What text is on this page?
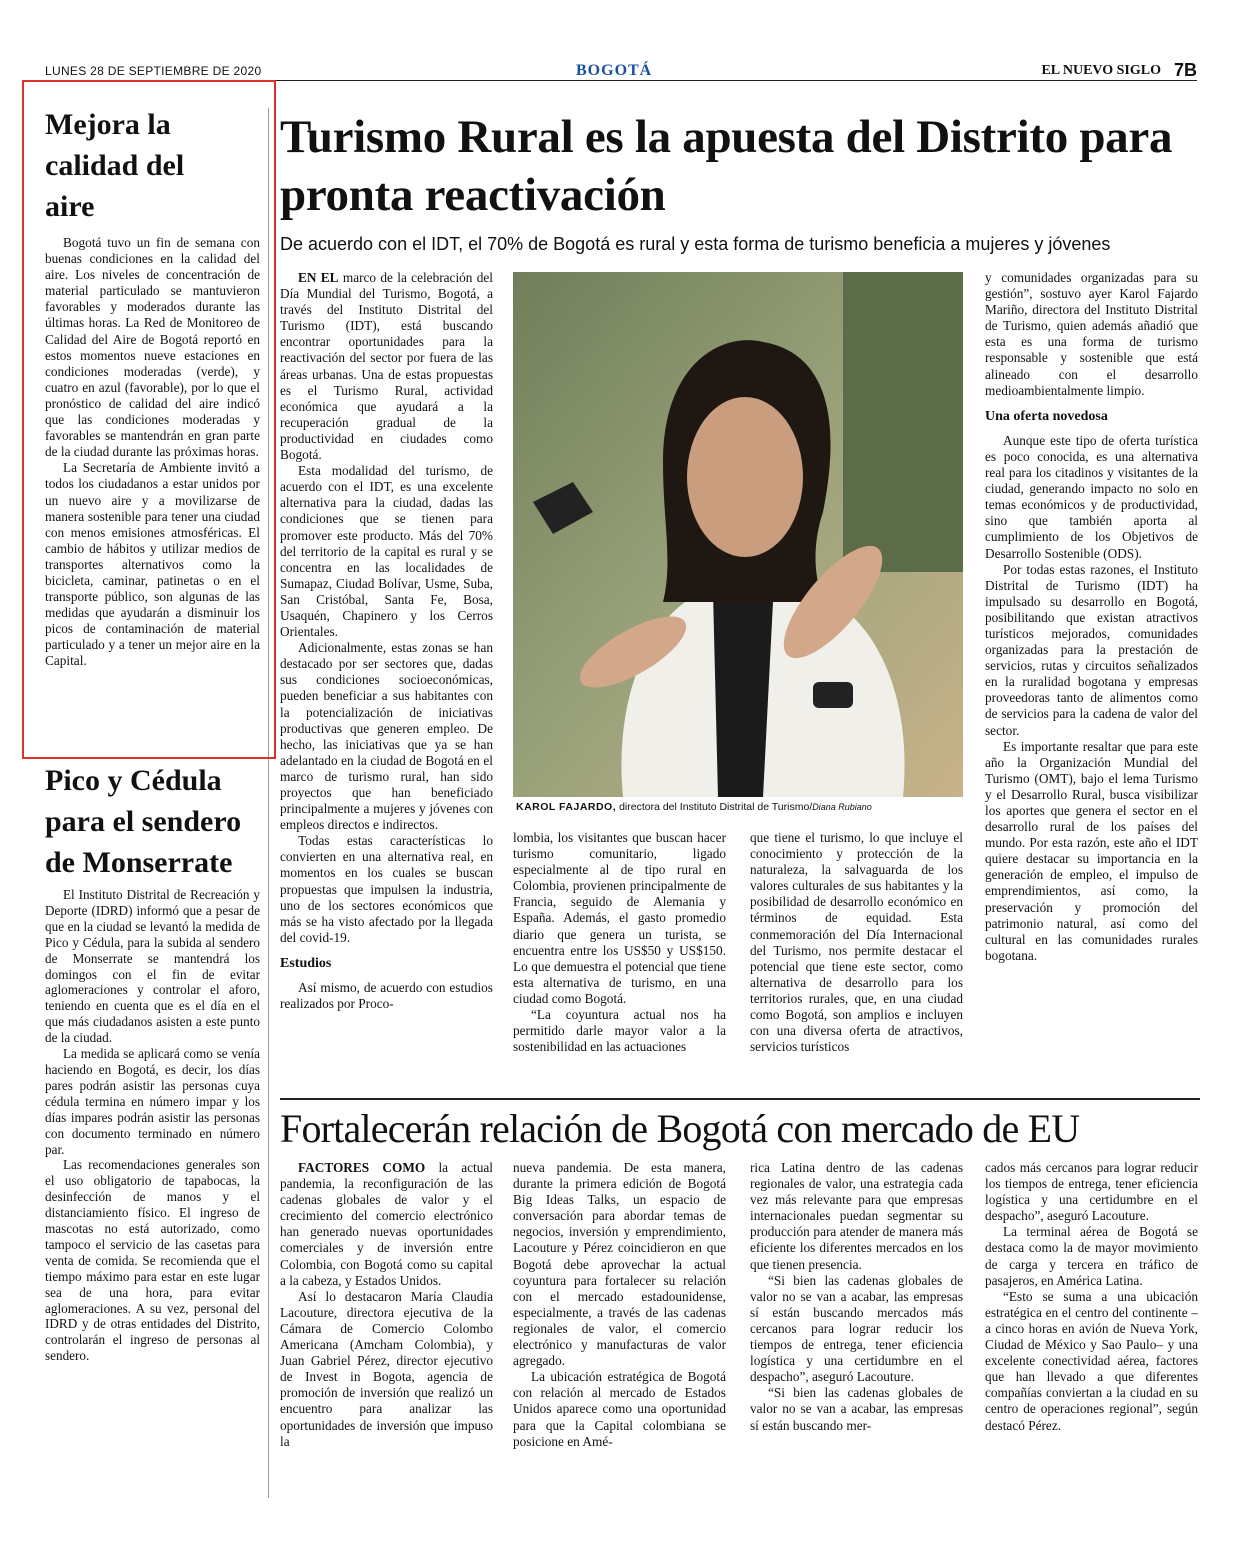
LUNES 28 DE SEPTIEMBRE DE 2020	BOGOTÁ	EL NUEVO SIGLO 7B
Mejora la calidad del aire

Bogotá tuvo un fin de semana con buenas condiciones en la calidad del aire. Los niveles de concentración de material particulado se mantuvieron favorables y moderados durante las últimas horas. La Red de Monitoreo de Calidad del Aire de Bogotá reportó en estos momentos nueve estaciones en condiciones moderadas (verde), y cuatro en azul (favorable), por lo que el pronóstico de calidad del aire indicó que las condiciones moderadas y favorables se mantendrán en gran parte de la ciudad durante las próximas horas.

La Secretaría de Ambiente invitó a todos los ciudadanos a estar unidos por un nuevo aire y a movilizarse de manera sostenible para tener una ciudad con menos emisiones atmosféricas. El cambio de hábitos y utilizar medios de transportes alternativos como la bicicleta, caminar, patinetas o en el transporte público, son algunas de las medidas que ayudarán a disminuir los picos de contaminación de material particulado y a tener un mejor aire en la Capital.

Pico y Cédula para el sendero de Monserrate

El Instituto Distrital de Recreación y Deporte (IDRD) informó que a pesar de que en la ciudad se levantó la medida de Pico y Cédula, para la subida al sendero de Monserrate se mantendrá los domingos con el fin de evitar aglomeraciones y controlar el aforo, teniendo en cuenta que es el día en el que más ciudadanos asisten a este punto de la ciudad.

La medida se aplicará como se venía haciendo en Bogotá, es decir, los días pares podrán asistir las personas cuya cédula termina en número impar y los días impares podrán asistir las personas con documento terminado en número par.

Las recomendaciones generales son el uso obligatorio de tapabocas, la desinfección de manos y el distanciamiento físico. El ingreso de mascotas no está autorizado, como tampoco el servicio de las casetas para venta de comida. Se recomienda que el tiempo máximo para estar en este lugar sea de una hora, para evitar aglomeraciones. A su vez, personal del IDRD y de otras entidades del Distrito, controlarán el ingreso de personas al sendero.

Turismo Rural es la apuesta del Distrito para pronta reactivación
De acuerdo con el IDT, el 70% de Bogotá es rural y esta forma de turismo beneficia a mujeres y jóvenes

EN EL marco de la celebración del Día Mundial del Turismo, Bogotá, a través del Instituto Distrital del Turismo (IDT), está buscando encontrar oportunidades para la reactivación del sector por fuera de las áreas urbanas. Una de estas propuestas es el Turismo Rural, actividad económica que ayudará a la recuperación gradual de la productividad en ciudades como Bogotá.

Esta modalidad del turismo, de acuerdo con el IDT, es una excelente alternativa para la ciudad, dadas las condiciones que se tienen para promover este producto. Más del 70% del territorio de la capital es rural y se concentra en las localidades de Sumapaz, Ciudad Bolívar, Usme, Suba, San Cristóbal, Santa Fe, Bosa, Usaquén, Chapinero y los Cerros Orientales.

Adicionalmente, estas zonas se han destacado por ser sectores que, dadas sus condiciones socioeconómicas, pueden beneficiar a sus habitantes con la potencialización de iniciativas productivas que generen empleo. De hecho, las iniciativas que ya se han adelantado en la ciudad de Bogotá en el marco de turismo rural, han sido proyectos que han beneficiado principalmente a mujeres y jóvenes con empleos directos e indirectos.

Todas estas características lo convierten en una alternativa real, en momentos en los cuales se buscan propuestas que impulsen la industria, uno de los sectores económicos que más se ha visto afectado por la llegada del covid-19.

Estudios

Así mismo, de acuerdo con estudios realizados por Proco-

KAROL FAJARDO, directora del Instituto Distrital de Turismo/Diana Rubiano

lombia, los visitantes que buscan hacer turismo comunitario, ligado especialmente al de tipo rural en Colombia, provienen principalmente de Francia, seguido de Alemania y España. Además, el gasto promedio diario que genera un turista, se encuentra entre los US$50 y US$150. Lo que demuestra el potencial que tiene esta alternativa de turismo, en una ciudad como Bogotá.

“La coyuntura actual nos ha permitido darle mayor valor a la sostenibilidad en las actuaciones

que tiene el turismo, lo que incluye el conocimiento y protección de la naturaleza, la salvaguarda de los valores culturales de sus habitantes y la posibilidad de desarrollo económico en términos de equidad. Esta conmemoración del Día Internacional del Turismo, nos permite destacar el potencial que tiene este sector, como alternativa de desarrollo para los territorios rurales, que, en una ciudad como Bogotá, son amplios e incluyen con una diversa oferta de atractivos, servicios turísticos

y comunidades organizadas para su gestión”, sostuvo ayer Karol Fajardo Mariño, directora del Instituto Distrital de Turismo, quien además añadió que esta es una forma de turismo responsable y sostenible que está alineado con el desarrollo medioambientalmente limpio.

Una oferta novedosa

Aunque este tipo de oferta turística es poco conocida, es una alternativa real para los citadinos y visitantes de la ciudad, generando impacto no solo en temas económicos y de productividad, sino que también aporta al cumplimiento de los Objetivos de Desarrollo Sostenible (ODS).

Por todas estas razones, el Instituto Distrital de Turismo (IDT) ha impulsado su desarrollo en Bogotá, posibilitando que existan atractivos turísticos mejorados, comunidades organizadas para la prestación de servicios, rutas y circuitos señalizados en la ruralidad bogotana y empresas proveedoras tanto de alimentos como de servicios para la cadena de valor del sector.

Es importante resaltar que para este año la Organización Mundial del Turismo (OMT), bajo el lema Turismo y el Desarrollo Rural, busca visibilizar los aportes que genera el sector en el desarrollo rural de los países del mundo. Por esta razón, este año el IDT quiere destacar su importancia en la generación de empleo, el impulso de emprendimientos, así como, la preservación y promoción del patrimonio natural, así como del cultural en las comunidades rurales bogotana.

Fortalecerán relación de Bogotá con mercado de EU

FACTORES COMO la actual pandemia, la reconfiguración de las cadenas globales de valor y el crecimiento del comercio electrónico han generado nuevas oportunidades comerciales y de inversión entre Colombia, con Bogotá como su capital a la cabeza, y Estados Unidos.

Así lo destacaron María Claudia Lacouture, directora ejecutiva de la Cámara de Comercio Colombo Americana (Amcham Colombia), y Juan Gabriel Pérez, director ejecutivo de Invest in Bogota, agencia de promoción de inversión que realizó un encuentro para analizar las oportunidades de inversión que impuso la

nueva pandemia. De esta manera, durante la primera edición de Bogotá Big Ideas Talks, un espacio de conversación para abordar temas de negocios, inversión y emprendimiento, Lacouture y Pérez coincidieron en que Bogotá debe aprovechar la actual coyuntura para fortalecer su relación con el mercado estadounidense, especialmente, a través de las cadenas regionales de valor, el comercio electrónico y manufacturas de valor agregado.

La ubicación estratégica de Bogotá con relación al mercado de Estados Unidos aparece como una oportunidad para que la Capital colombiana se posicione en Amé-

rica Latina dentro de las cadenas regionales de valor, una estrategia cada vez más relevante para que empresas internacionales puedan segmentar su producción para atender de manera más eficiente los diferentes mercados en los que tienen presencia.

“Si bien las cadenas globales de valor no se van a acabar, las empresas sí están buscando mercados más cercanos para lograr reducir los tiempos de entrega, tener eficiencia logística y una certidumbre en el despacho”, aseguró Lacouture.

“Si bien las cadenas globales de valor no se van a acabar, las empresas sí están buscando mer-

cados más cercanos para lograr reducir los tiempos de entrega, tener eficiencia logística y una certidumbre en el despacho”, aseguró Lacouture.

La terminal aérea de Bogotá se destaca como la de mayor movimiento de carga y tercera en tráfico de pasajeros, en América Latina.

“Esto se suma a una ubicación estratégica en el centro del continente –a cinco horas en avión de Nueva York, Ciudad de México y Sao Paulo– y una excelente conectividad aérea, factores que han llevado a que diferentes compañías conviertan a la ciudad en su centro de operaciones regional”, según destacó Pérez.
